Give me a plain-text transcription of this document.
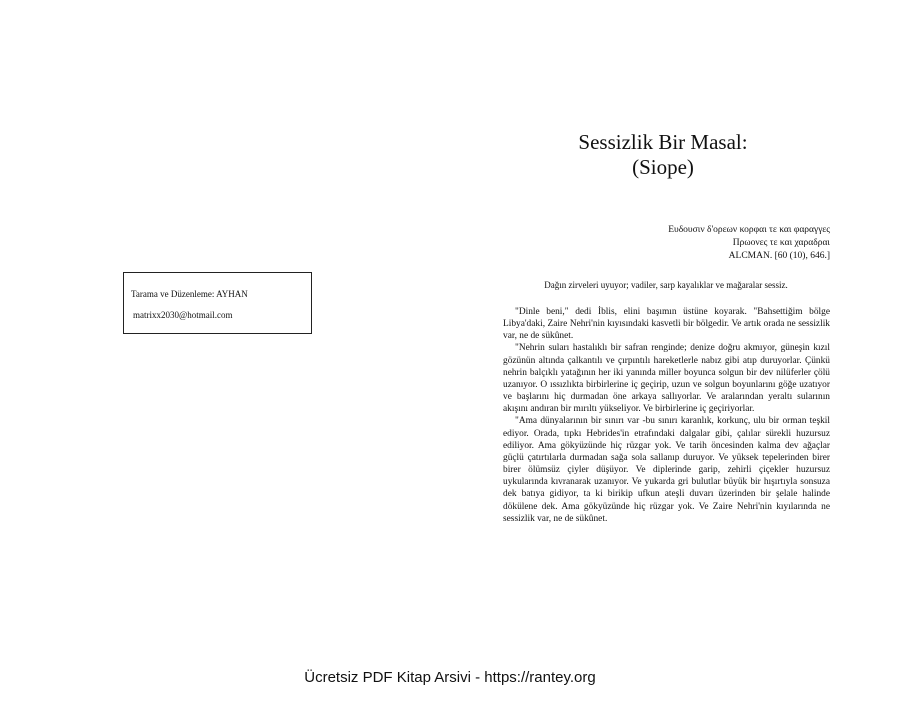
Tarama ve Düzenleme: AYHAN
matrixx2030@hotmail.com
Sessizlik Bir Masal:
(Siope)
Ευδουσιν δ'ορεων κορφαι τε και φαραγγες
Πρωονες τε και χαραδραι
ALCMAN. [60 (10), 646.]
Dağın zirveleri uyuyor; vadiler, sarp kayalıklar ve mağaralar sessiz.

"Dinle beni," dedi İblis, elini başımın üstüne koyarak. "Bahsettiğim bölge Libya'daki, Zaire Nehri'nin kıyısındaki kasvetli bir bölgedir. Ve artık orada ne sessizlik var, ne de sükûnet.

"Nehrin suları hastalıklı bir safran renginde; denize doğru akmıyor, güneşin kızıl gözünün altında çalkantılı ve çırpıntılı hareketlerle nabız gibi atıp duruyorlar. Çünkü nehrin balçıklı yatağının her iki yanında miller boyunca solgun bir dev nilüferler çölü uzanıyor. O ıssızlıkta birbirlerine iç geçirip, uzun ve solgun boyunlarını göğe uzatıyor ve başlarını hiç durmadan öne arkaya sallıyorlar. Ve aralarından yeraltı sularının akışını andıran bir mırıltı yükseliyor. Ve birbirlerine iç geçiriyorlar.

"Ama dünyalarının bir sınırı var -bu sınırı karanlık, korkunç, ulu bir orman teşkil ediyor. Orada, tıpkı Hebrides'in etrafındaki dalgalar gibi, çalılar sürekli huzursuz ediliyor. Ama gökyüzünde hiç rüzgar yok. Ve tarih öncesinden kalma dev ağaçlar güçlü çatırtılarla durmadan sağa sola sallanıp duruyor. Ve yüksek tepelerinden birer birer ölümsüz çiyler düşüyor. Ve diplerinde garip, zehirli çiçekler huzursuz uykularında kıvranarak uzanıyor. Ve yukarda gri bulutlar büyük bir hışırtıyla sonsuza dek batıya gidiyor, ta ki birikip ufkun ateşli duvarı üzerinden bir şelale halinde dökülene dek. Ama gökyüzünde hiç rüzgar yok. Ve Zaire Nehri'nin kıyılarında ne sessizlik var, ne de sükûnet.

Ücretsiz PDF Kitap Arsivi - https://rantey.org
